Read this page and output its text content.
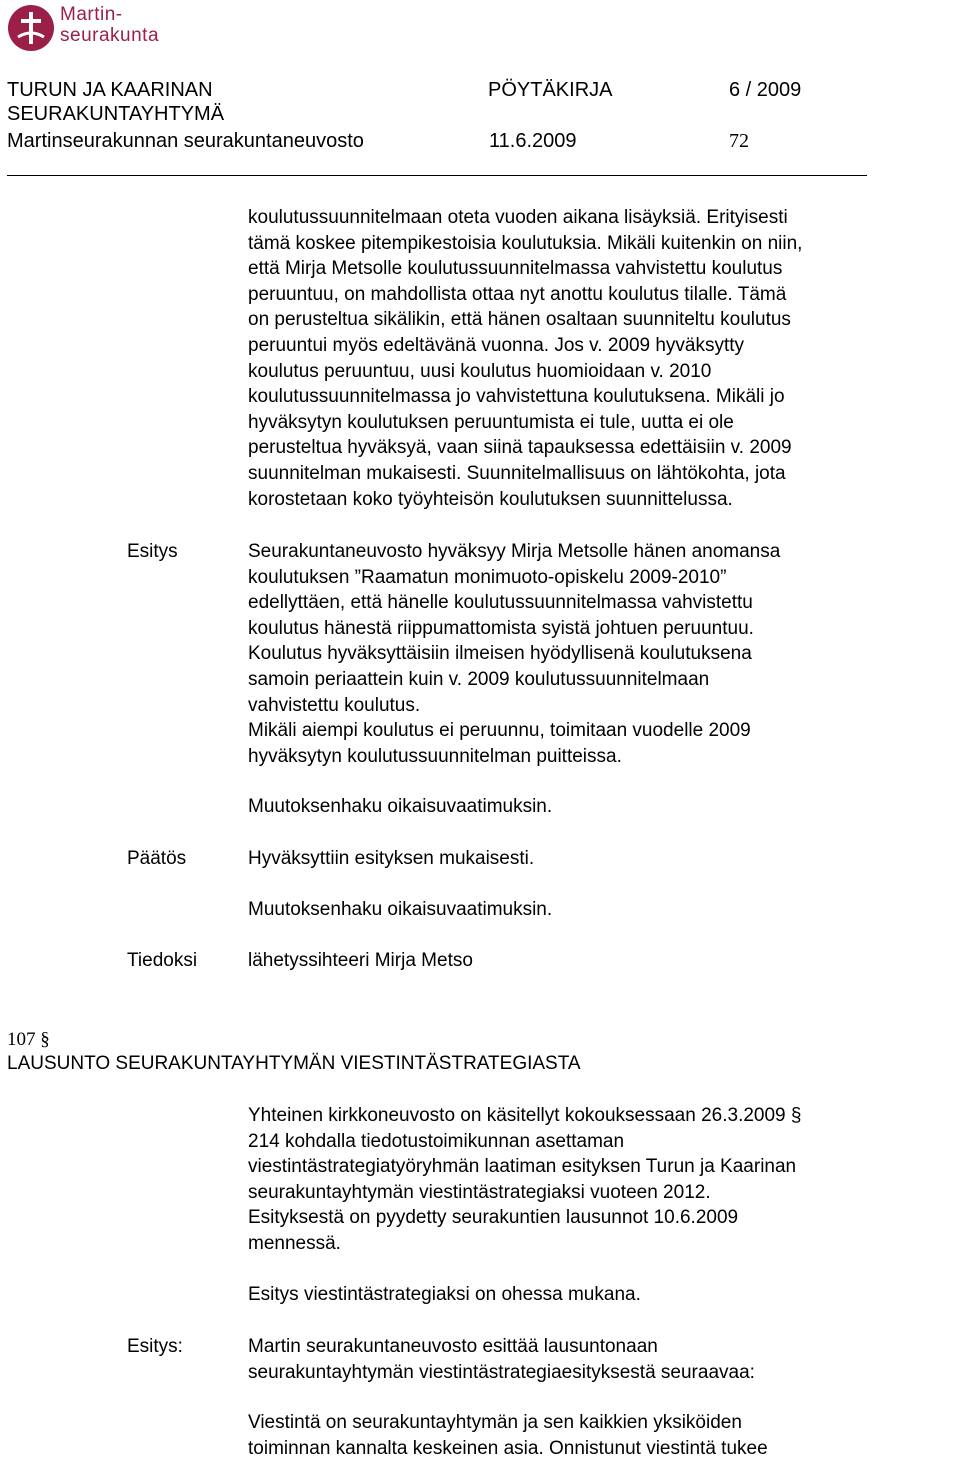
Martin-
seurakunta
TURUN JA KAARINAN
SEURAKUNTAYHTYMÄ
Martinseurakunnan seurakuntaneuvosto
PÖYTÄKIRJA	6 / 2009
11.6.2009	72

koulutussuunnitelmaan oteta vuoden aikana lisäyksiä. Erityisesti

tämä koskee pitempikestoisia koulutuksia. Mikäli kuitenkin on niin,

että Mirja Metsolle koulutussuunnitelmassa vahvistettu koulutus

peruuntuu, on mahdollista ottaa nyt anottu koulutus tilalle. Tämä

on perusteltua sikälikin, että hänen osaltaan suunniteltu koulutus

peruuntui myös edeltävänä vuonna. Jos v. 2009 hyväksytty

koulutus peruuntuu, uusi koulutus huomioidaan v. 2010

koulutussuunnitelmassa jo vahvistettuna koulutuksena. Mikäli jo

hyväksytyn koulutuksen peruuntumista ei tule, uutta ei ole

perusteltua hyväksyä, vaan siinä tapauksessa edettäisiin v. 2009

suunnitelman mukaisesti. Suunnitelmallisuus on lähtökohta, jota

korostetaan koko työyhteisön koulutuksen suunnittelussa.

Esitys	Seurakuntaneuvosto hyväksyy Mirja Metsolle hänen anomansa

koulutuksen ”Raamatun monimuoto-opiskelu 2009-2010”

edellyttäen, että hänelle koulutussuunnitelmassa vahvistettu

koulutus hänestä riippumattomista syistä johtuen peruuntuu.

Koulutus hyväksyttäisiin ilmeisen hyödyllisenä koulutuksena

samoin periaattein kuin v. 2009 koulutussuunnitelmaan

vahvistettu koulutus.

Mikäli aiempi koulutus ei peruunnu, toimitaan vuodelle 2009

hyväksytyn koulutussuunnitelman puitteissa.

Muutoksenhaku oikaisuvaatimuksin.
Päätös	Hyväksyttiin esityksen mukaisesti.
Muutoksenhaku oikaisuvaatimuksin.
Tiedoksi	lähetyssihteeri Mirja Metso
107 §
LAUSUNTO SEURAKUNTAYHTYMÄN VIESTINTÄSTRATEGIASTA

Yhteinen kirkkoneuvosto on käsitellyt kokouksessaan 26.3.2009 §

214 kohdalla tiedotustoimikunnan asettaman

viestintästrategiatyöryhmän laatiman esityksen Turun ja Kaarinan

seurakuntayhtymän viestintästrategiaksi vuoteen 2012.

Esityksestä on pyydetty seurakuntien lausunnot 10.6.2009

mennessä.

Esitys viestintästrategiaksi on ohessa mukana.
Esitys:	Martin seurakuntaneuvosto esittää lausuntonaan

seurakuntayhtymän viestintästrategiaesityksestä seuraavaa:

Viestintä on seurakuntayhtymän ja sen kaikkien yksiköiden

toiminnan kannalta keskeinen asia. Onnistunut viestintä tukee
